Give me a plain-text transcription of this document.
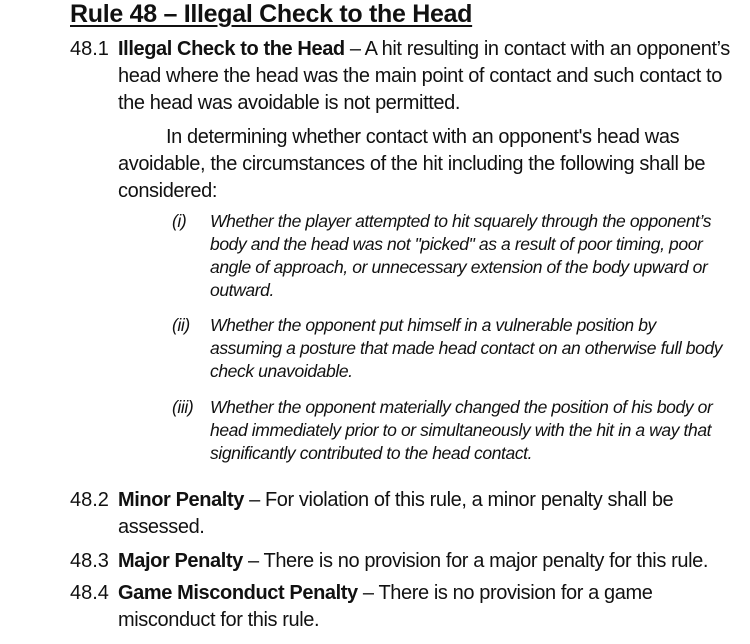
Rule 48 – Illegal Check to the Head
48.1 Illegal Check to the Head – A hit resulting in contact with an opponent’s head where the head was the main point of contact and such contact to the head was avoidable is not permitted.
In determining whether contact with an opponent's head was avoidable, the circumstances of the hit including the following shall be considered:
(i)	Whether the player attempted to hit squarely through the opponent’s body and the head was not "picked" as a result of poor timing, poor angle of approach, or unnecessary extension of the body upward or outward.
(ii)	Whether the opponent put himself in a vulnerable position by assuming a posture that made head contact on an otherwise full body check unavoidable.
(iii) Whether the opponent materially changed the position of his body or head immediately prior to or simultaneously with the hit in a way that significantly contributed to the head contact.
48.2 Minor Penalty – For violation of this rule, a minor penalty shall be assessed.
48.3 Major Penalty – There is no provision for a major penalty for this rule.
48.4 Game Misconduct Penalty – There is no provision for a game misconduct for this rule.
